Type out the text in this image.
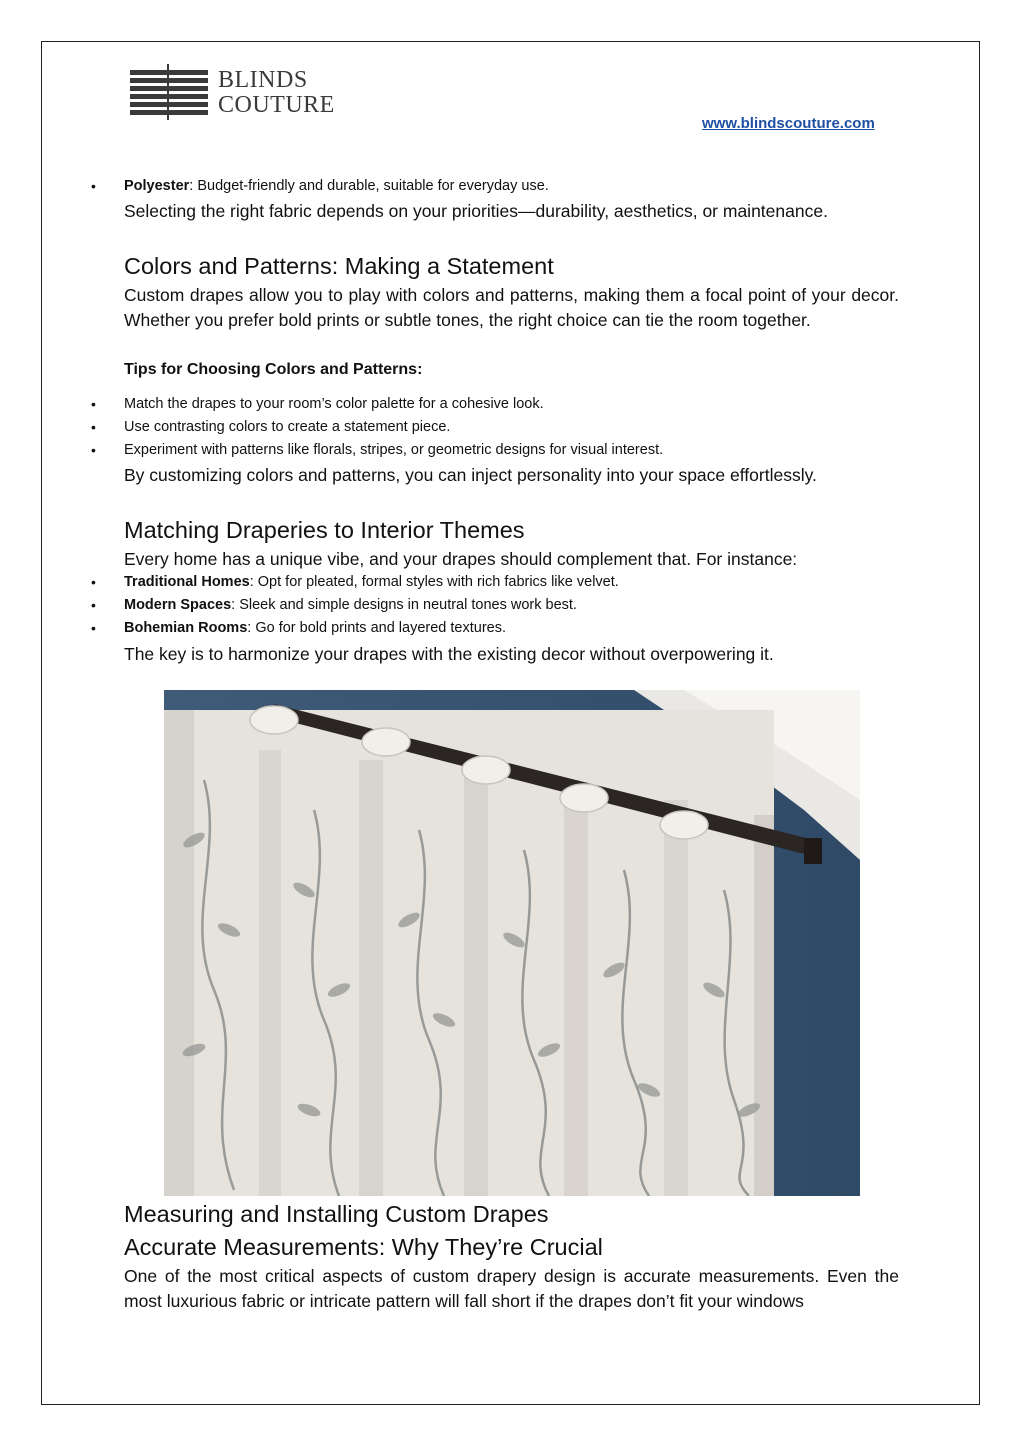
BLINDS
COUTURE
www.blindscouture.com
Polyester: Budget-friendly and durable, suitable for everyday use.
Selecting the right fabric depends on your priorities—durability, aesthetics, or maintenance.
Colors and Patterns: Making a Statement
Custom drapes allow you to play with colors and patterns, making them a focal point of your decor. Whether you prefer bold prints or subtle tones, the right choice can tie the room together.
Tips for Choosing Colors and Patterns:
Match the drapes to your room’s color palette for a cohesive look.
Use contrasting colors to create a statement piece.
Experiment with patterns like florals, stripes, or geometric designs for visual interest.
By customizing colors and patterns, you can inject personality into your space effortlessly.
Matching Draperies to Interior Themes
Every home has a unique vibe, and your drapes should complement that. For instance:
Traditional Homes: Opt for pleated, formal styles with rich fabrics like velvet.
Modern Spaces: Sleek and simple designs in neutral tones work best.
Bohemian Rooms: Go for bold prints and layered textures.
The key is to harmonize your drapes with the existing decor without overpowering it.
Measuring and Installing Custom Drapes
Accurate Measurements: Why They’re Crucial
One of the most critical aspects of custom drapery design is accurate measurements. Even the most luxurious fabric or intricate pattern will fall short if the drapes don’t fit your windows
